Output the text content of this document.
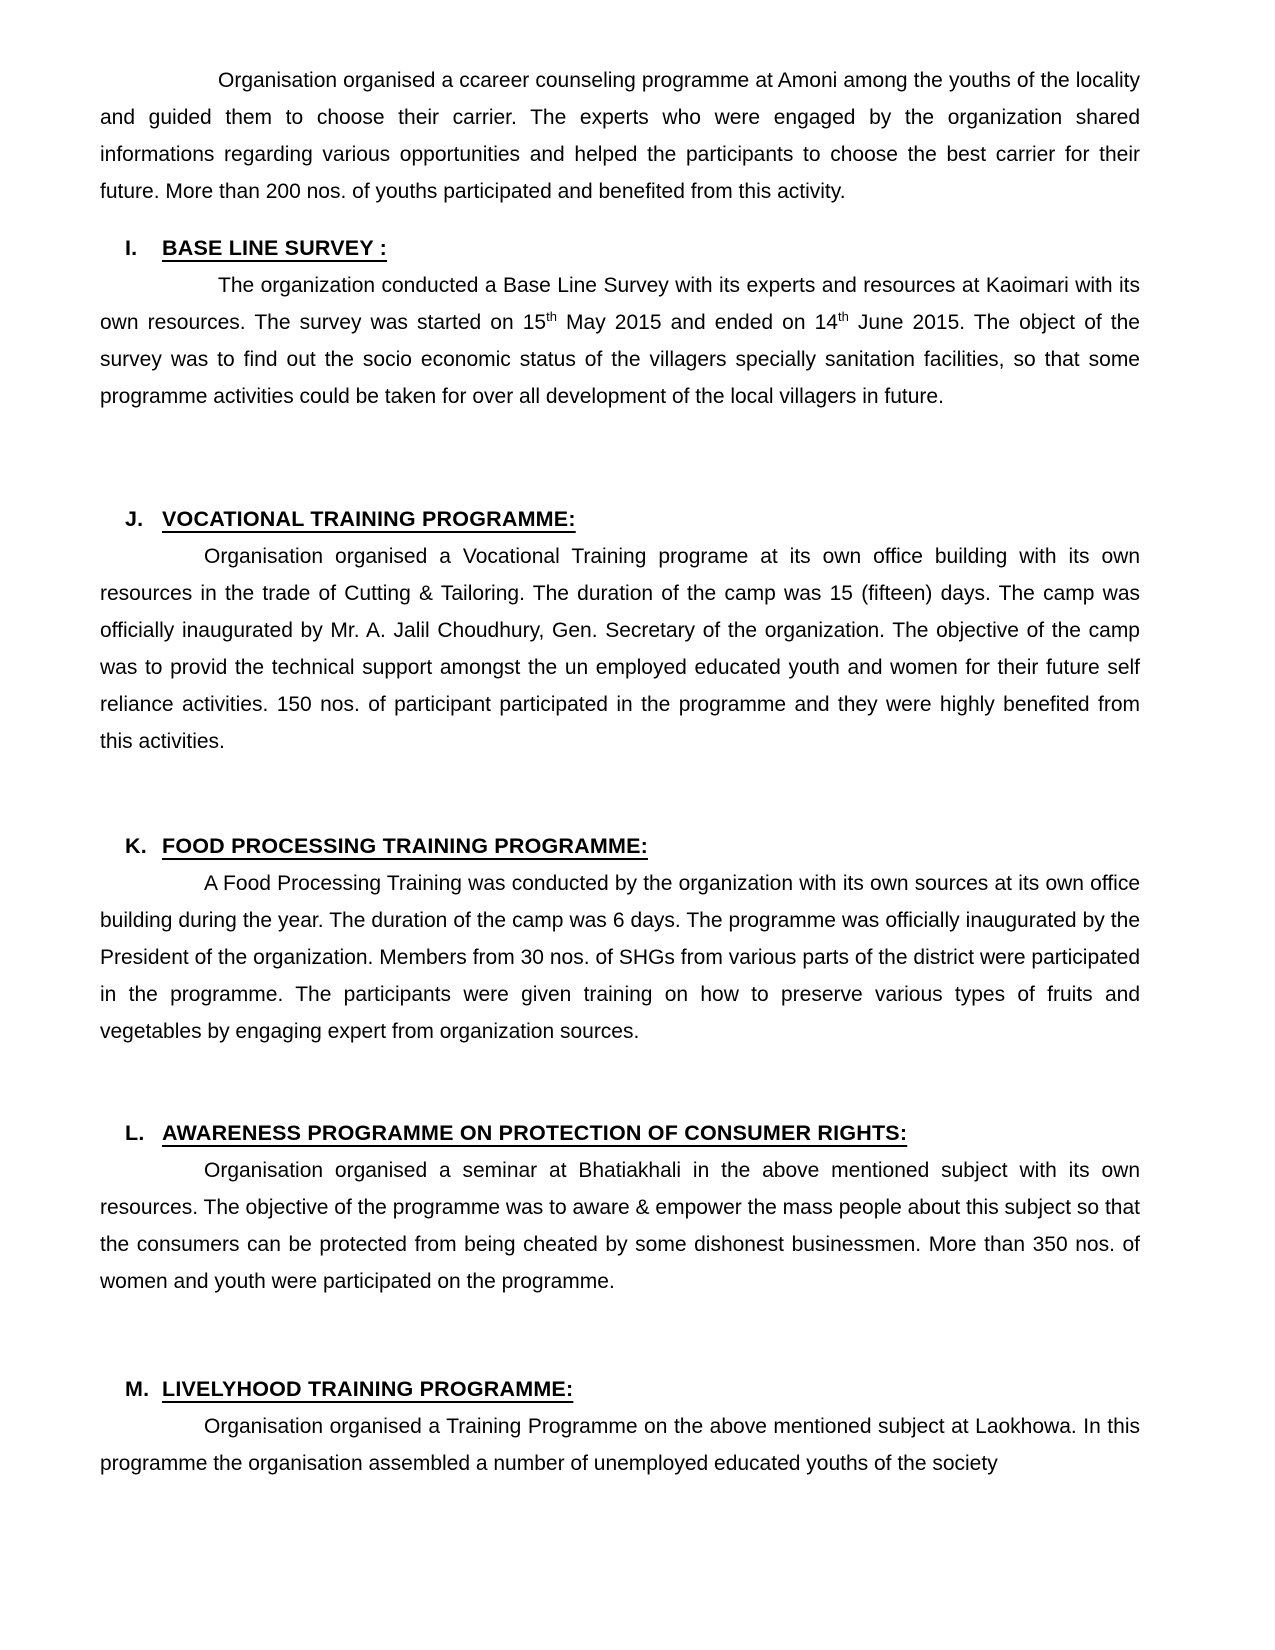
Organisation organised a ccareer counseling programme at Amoni among the youths of the locality and guided them to choose their carrier. The experts who were engaged by the organization shared informations regarding various opportunities and helped the participants to choose the best carrier for their future. More than 200 nos. of youths participated and benefited from this activity.

I. BASE LINE SURVEY :

The organization conducted a Base Line Survey with its experts and resources at Kaoimari with its own resources. The survey was started on 15th May 2015 and ended on 14th June 2015. The object of the survey was to find out the socio economic status of the villagers specially sanitation facilities, so that some programme activities could be taken for over all development of the local villagers in future.

J. VOCATIONAL TRAINING PROGRAMME:

Organisation organised a Vocational Training programe at its own office building with its own resources in the trade of Cutting & Tailoring. The duration of the camp was 15 (fifteen) days. The camp was officially inaugurated by Mr. A. Jalil Choudhury, Gen. Secretary of the organization. The objective of the camp was to provid the technical support amongst the un employed educated youth and women for their future self reliance activities. 150 nos. of participant participated in the programme and they were highly benefited from this activities.

K. FOOD PROCESSING TRAINING PROGRAMME:

A Food Processing Training was conducted by the organization with its own sources at its own office building during the year. The duration of the camp was 6 days. The programme was officially inaugurated by the President of the organization. Members from 30 nos. of SHGs from various parts of the district were participated in the programme. The participants were given training on how to preserve various types of fruits and vegetables by engaging expert from organization sources.

L. AWARENESS PROGRAMME ON PROTECTION OF CONSUMER RIGHTS:

Organisation organised a seminar at Bhatiakhali in the above mentioned subject with its own resources. The objective of the programme was to aware & empower the mass people about this subject so that the consumers can be protected from being cheated by some dishonest businessmen. More than 350 nos. of women and youth were participated on the programme.

M. LIVELYHOOD TRAINING PROGRAMME:

Organisation organised a Training Programme on the above mentioned subject at Laokhowa. In this programme the organisation assembled a number of unemployed educated youths of the society
